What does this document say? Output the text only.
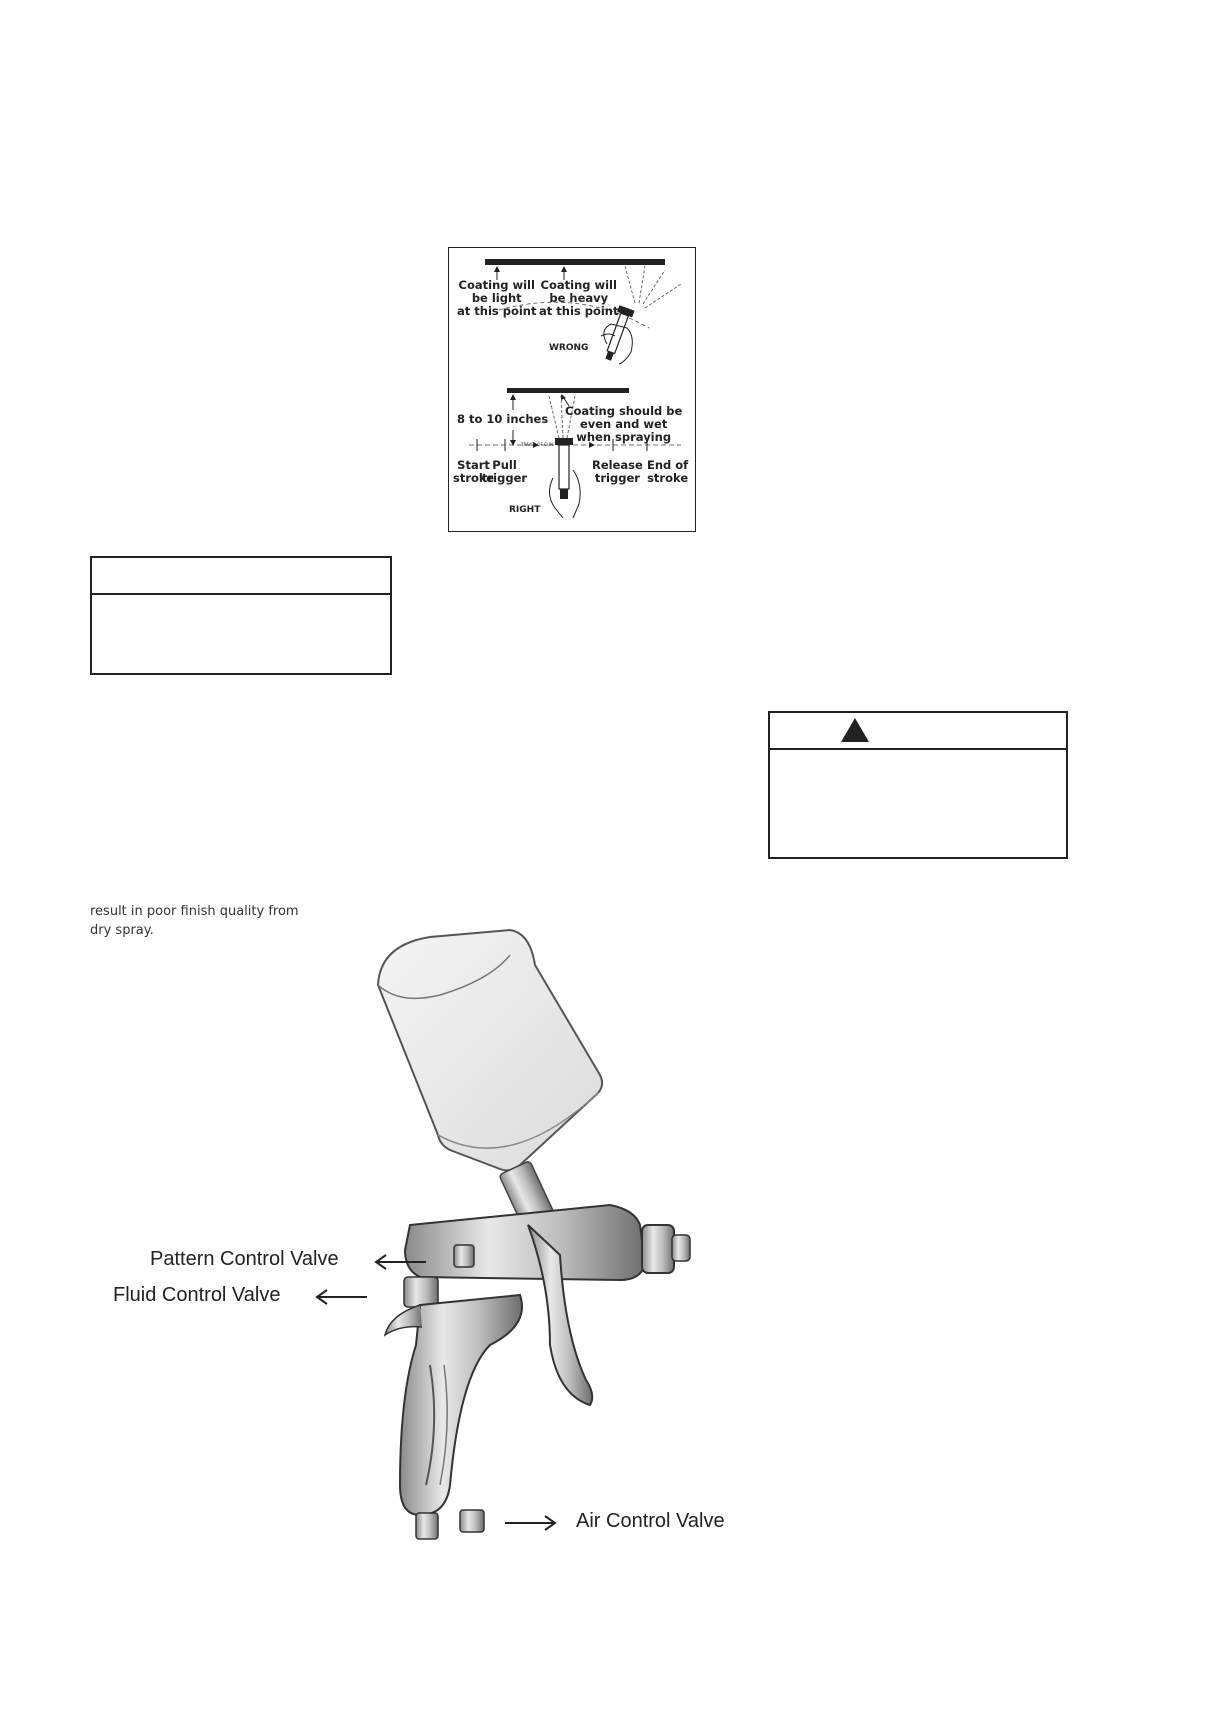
Coating will
be light
at this point
Coating will
be heavy
at this point
WRONG
8 to 10 inches
Coating should be
even and wet
when spraying
TRAVEL OF GUN
Start
stroke
Pull
trigger
Release
trigger
End of
stroke
RIGHT
result in poor finish quality from
dry spray.
Pattern Control Valve
Fluid Control Valve
Air Control Valve
